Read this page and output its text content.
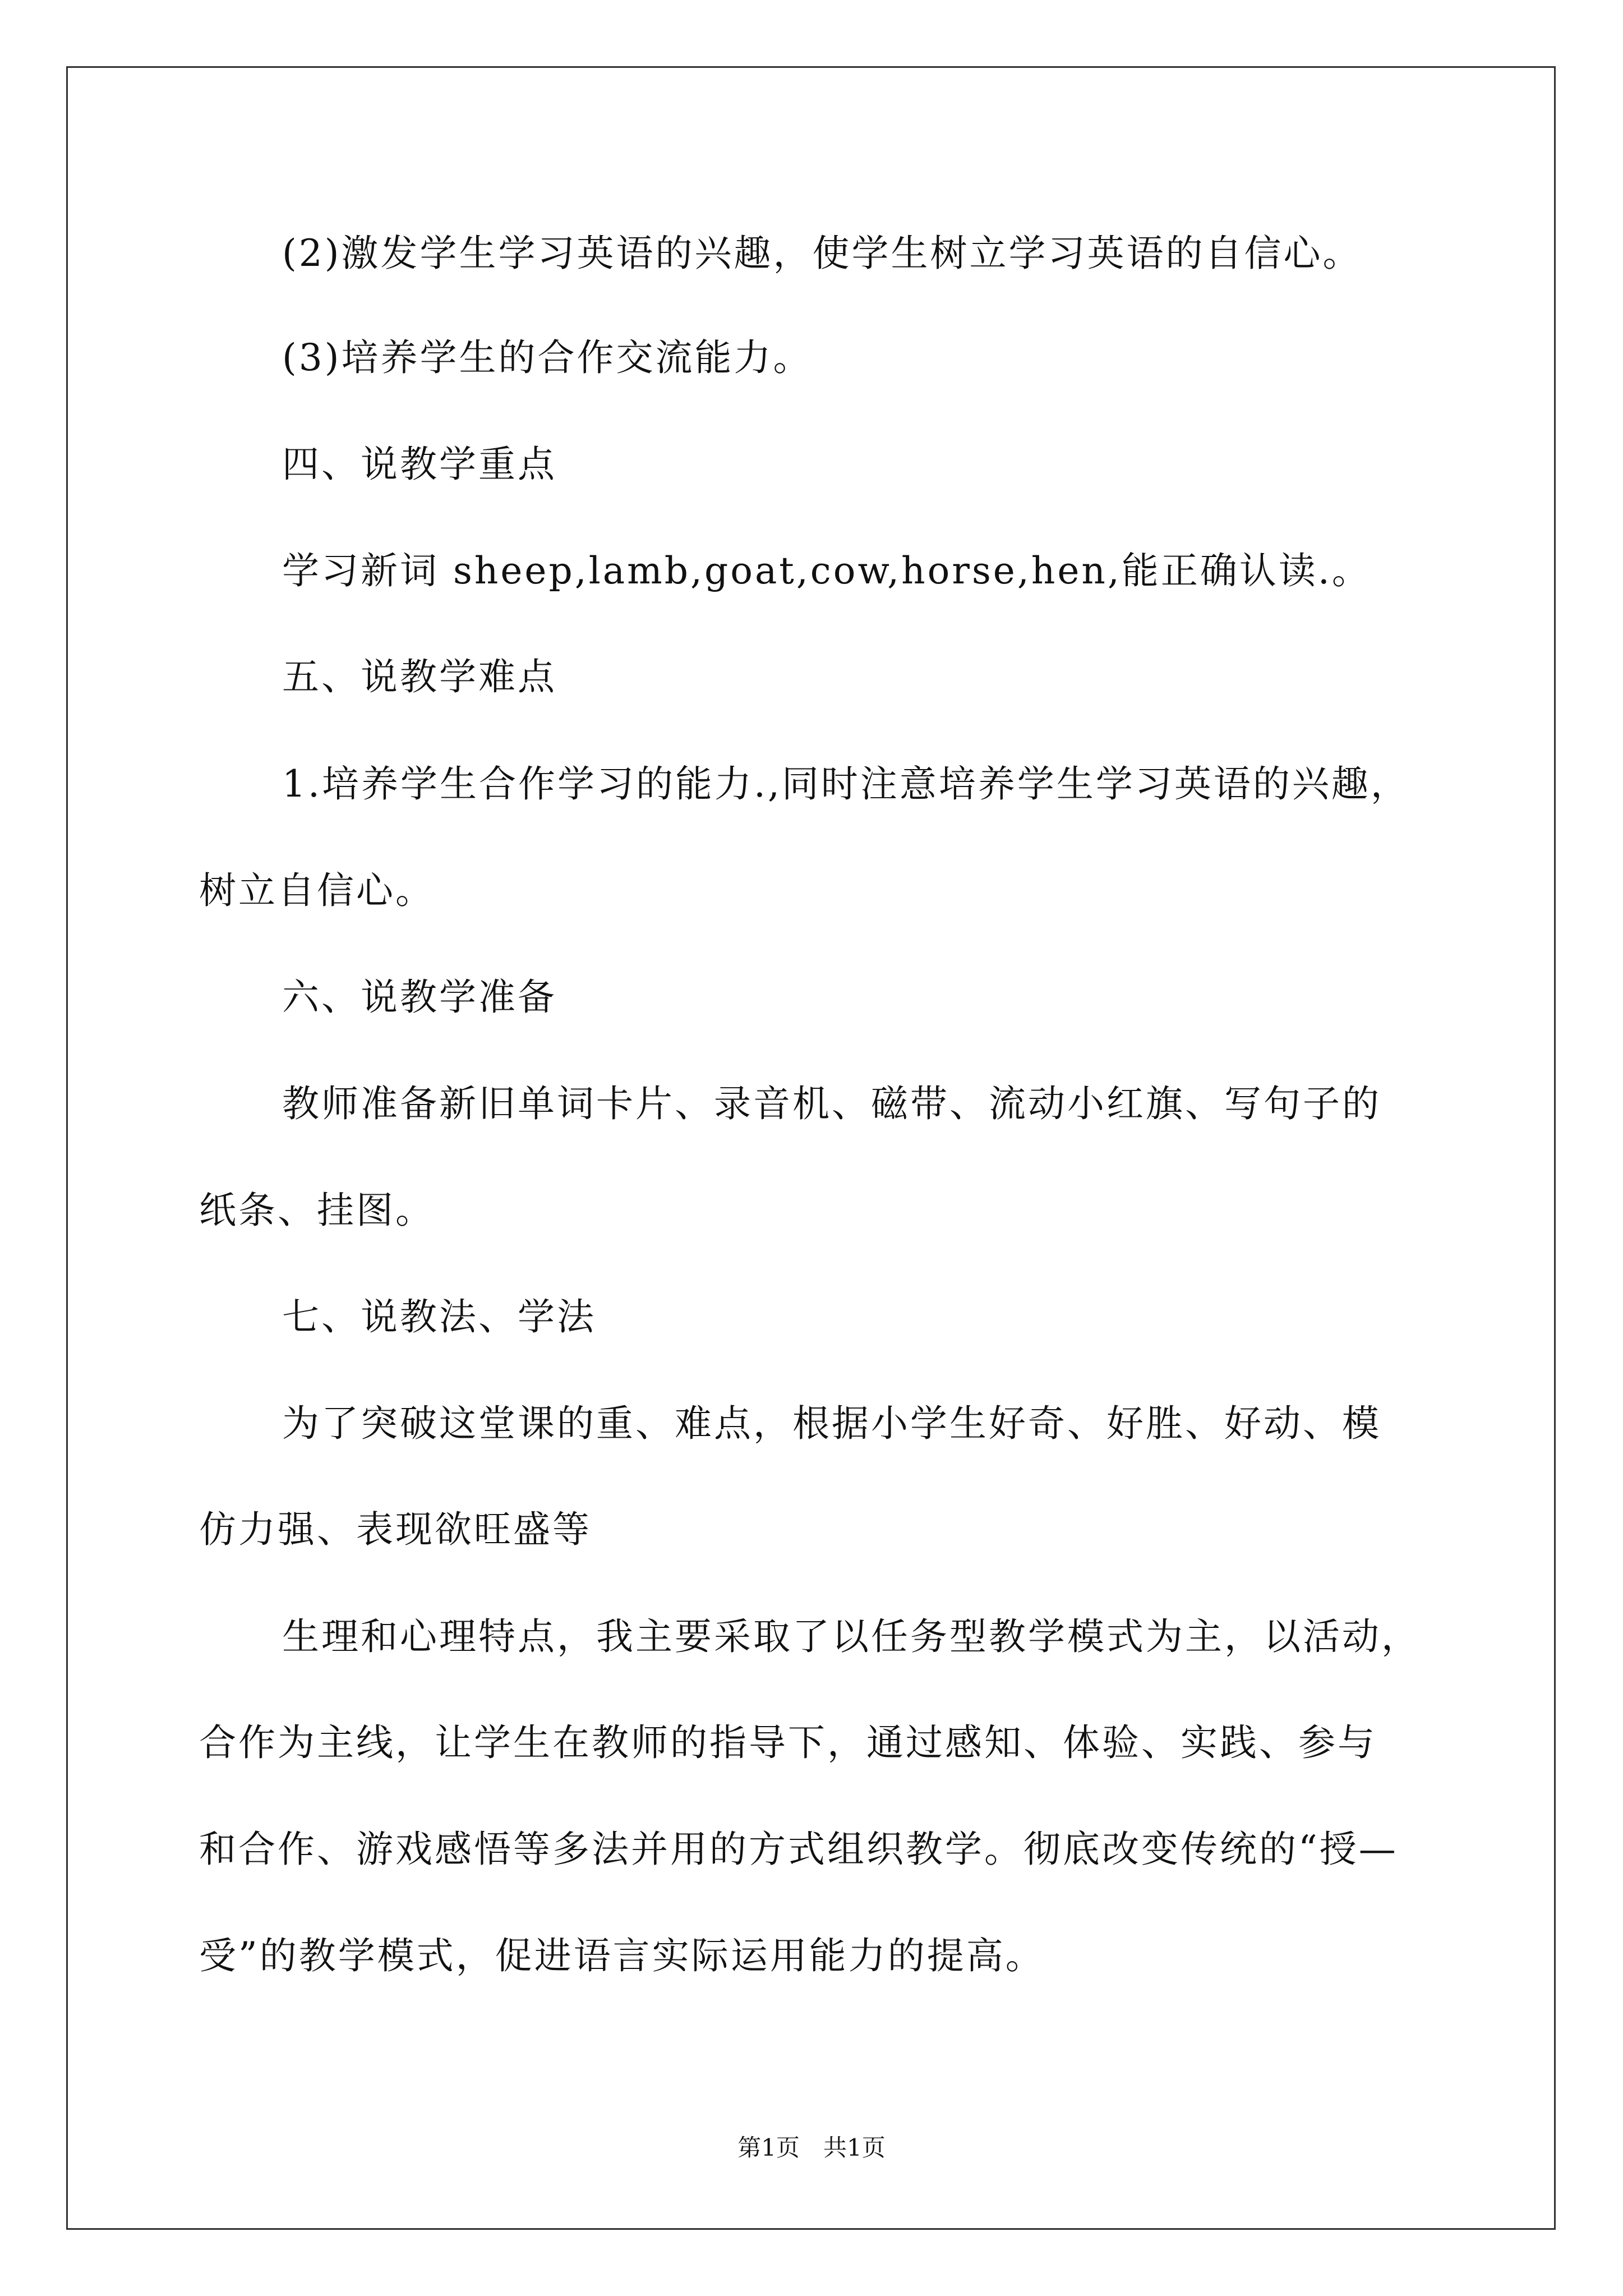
(2)激发学生学习英语的兴趣，使学生树立学习英语的自信心。
(3)培养学生的合作交流能力。
四、说教学重点
学习新词 sheep,lamb,goat,cow,horse,hen,能正确认读.。
五、说教学难点
1.培养学生合作学习的能力.,同时注意培养学生学习英语的兴趣，
树立自信心。
六、说教学准备
教师准备新旧单词卡片、录音机、磁带、流动小红旗、写句子的
纸条、挂图。
七、说教法、学法
为了突破这堂课的重、难点，根据小学生好奇、好胜、好动、模
仿力强、表现欲旺盛等
生理和心理特点，我主要采取了以任务型教学模式为主，以活动，
合作为主线，让学生在教师的指导下，通过感知、体验、实践、参与
和合作、游戏感悟等多法并用的方式组织教学。彻底改变传统的“授—
受”的教学模式，促进语言实际运用能力的提高。
第1页　共1页
